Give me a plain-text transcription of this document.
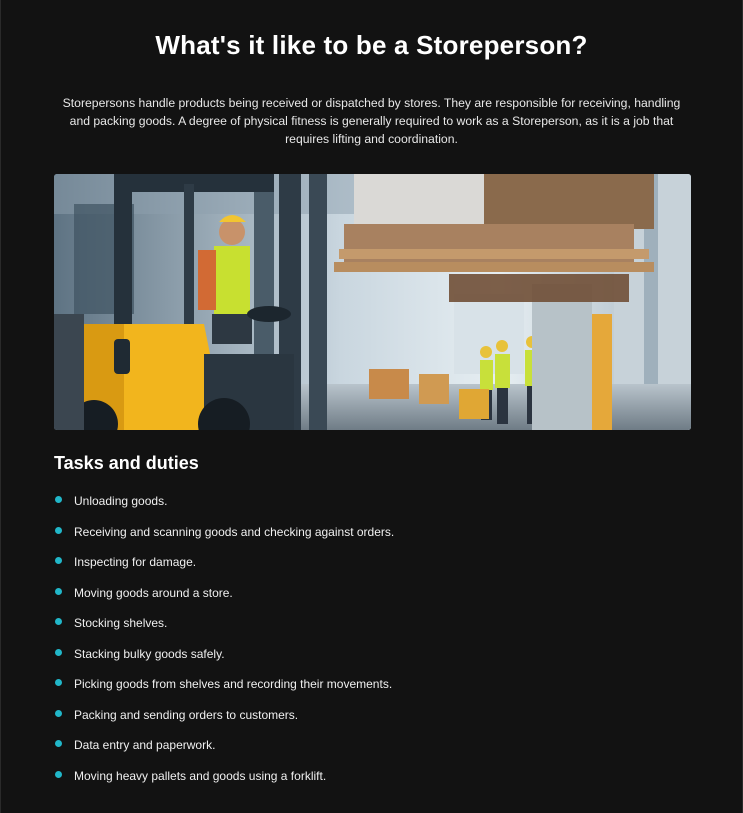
What's it like to be a Storeperson?

Storepersons handle products being received or dispatched by stores. They are responsible for receiving, handling and packing goods. A degree of physical fitness is generally required to work as a Storeperson, as it is a job that requires lifting and coordination.

Tasks and duties
Unloading goods.
Receiving and scanning goods and checking against orders.
Inspecting for damage.
Moving goods around a store.
Stocking shelves.
Stacking bulky goods safely.
Picking goods from shelves and recording their movements.
Packing and sending orders to customers.
Data entry and paperwork.
Moving heavy pallets and goods using a forklift.
